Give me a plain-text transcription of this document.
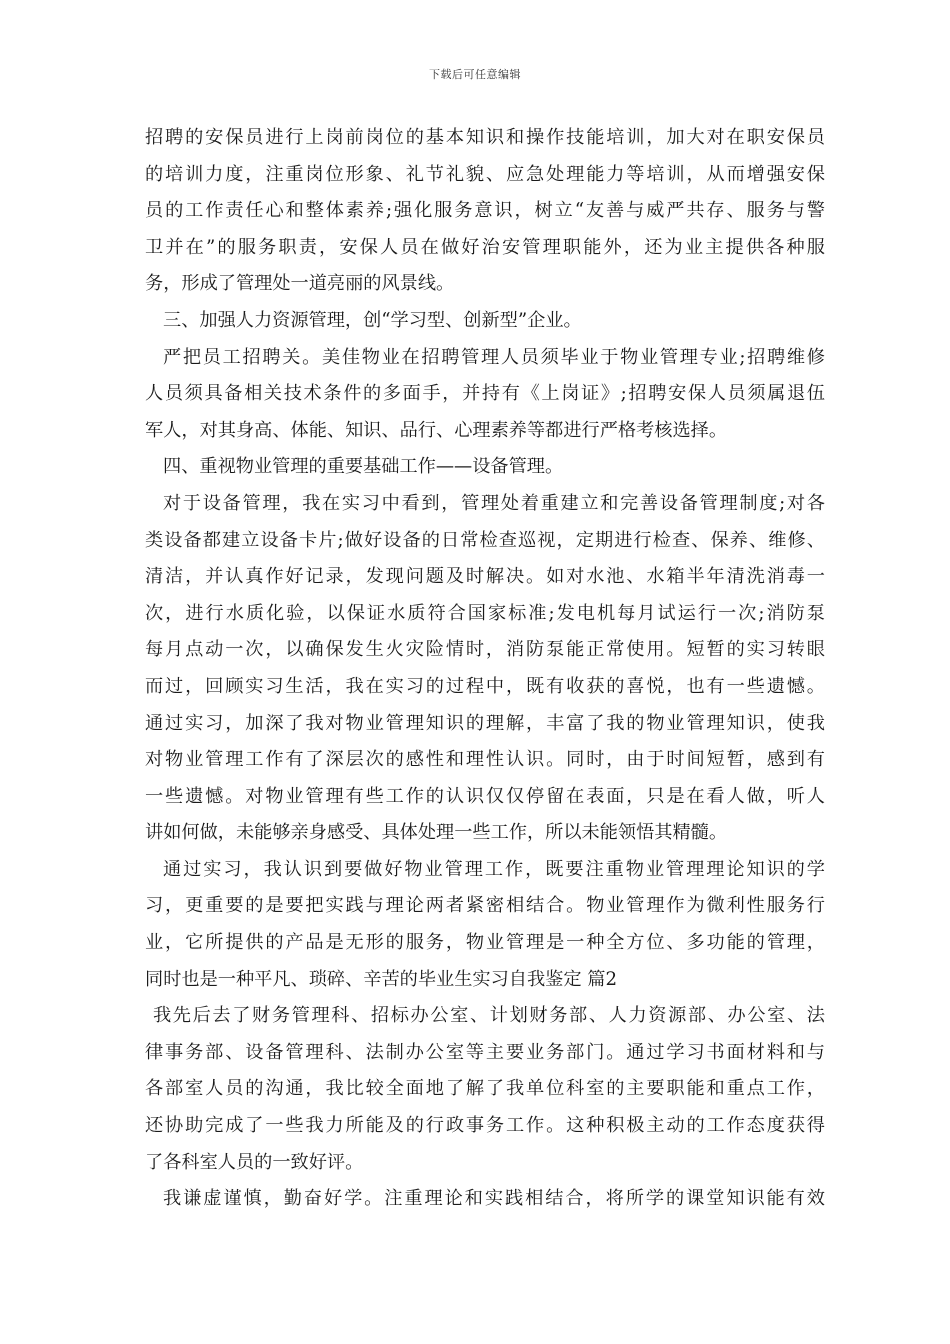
下载后可任意编辑
招聘的安保员进行上岗前岗位的基本知识和操作技能培训，加大对在职安保员
的培训力度，注重岗位形象、礼节礼貌、应急处理能力等培训，从而增强安保
员的工作责任心和整体素养;强化服务意识，树立“友善与威严共存、服务与警
卫并在”的服务职责，安保人员在做好治安管理职能外，还为业主提供各种服
务，形成了管理处一道亮丽的风景线。
三、加强人力资源管理，创“学习型、创新型”企业。
严把员工招聘关。美佳物业在招聘管理人员须毕业于物业管理专业;招聘维修
人员须具备相关技术条件的多面手，并持有《上岗证》;招聘安保人员须属退伍
军人，对其身高、体能、知识、品行、心理素养等都进行严格考核选择。
四、重视物业管理的重要基础工作——设备管理。
对于设备管理，我在实习中看到，管理处着重建立和完善设备管理制度;对各
类设备都建立设备卡片;做好设备的日常检查巡视，定期进行检查、保养、维修、
清洁，并认真作好记录，发现问题及时解决。如对水池、水箱半年清洗消毒一
次，进行水质化验，以保证水质符合国家标准;发电机每月试运行一次;消防泵
每月点动一次，以确保发生火灾险情时，消防泵能正常使用。短暂的实习转眼
而过，回顾实习生活，我在实习的过程中，既有收获的喜悦，也有一些遗憾。
通过实习，加深了我对物业管理知识的理解，丰富了我的物业管理知识，使我
对物业管理工作有了深层次的感性和理性认识。同时，由于时间短暂，感到有
一些遗憾。对物业管理有些工作的认识仅仅停留在表面，只是在看人做，听人
讲如何做，未能够亲身感受、具体处理一些工作，所以未能领悟其精髓。
通过实习，我认识到要做好物业管理工作，既要注重物业管理理论知识的学
习，更重要的是要把实践与理论两者紧密相结合。物业管理作为微利性服务行
业，它所提供的产品是无形的服务，物业管理是一种全方位、多功能的管理，
同时也是一种平凡、琐碎、辛苦的毕业生实习自我鉴定 篇2
我先后去了财务管理科、招标办公室、计划财务部、人力资源部、办公室、法
律事务部、设备管理科、法制办公室等主要业务部门。通过学习书面材料和与
各部室人员的沟通，我比较全面地了解了我单位科室的主要职能和重点工作，
还协助完成了一些我力所能及的行政事务工作。这种积极主动的工作态度获得
了各科室人员的一致好评。
我谦虚谨慎，勤奋好学。注重理论和实践相结合，将所学的课堂知识能有效
